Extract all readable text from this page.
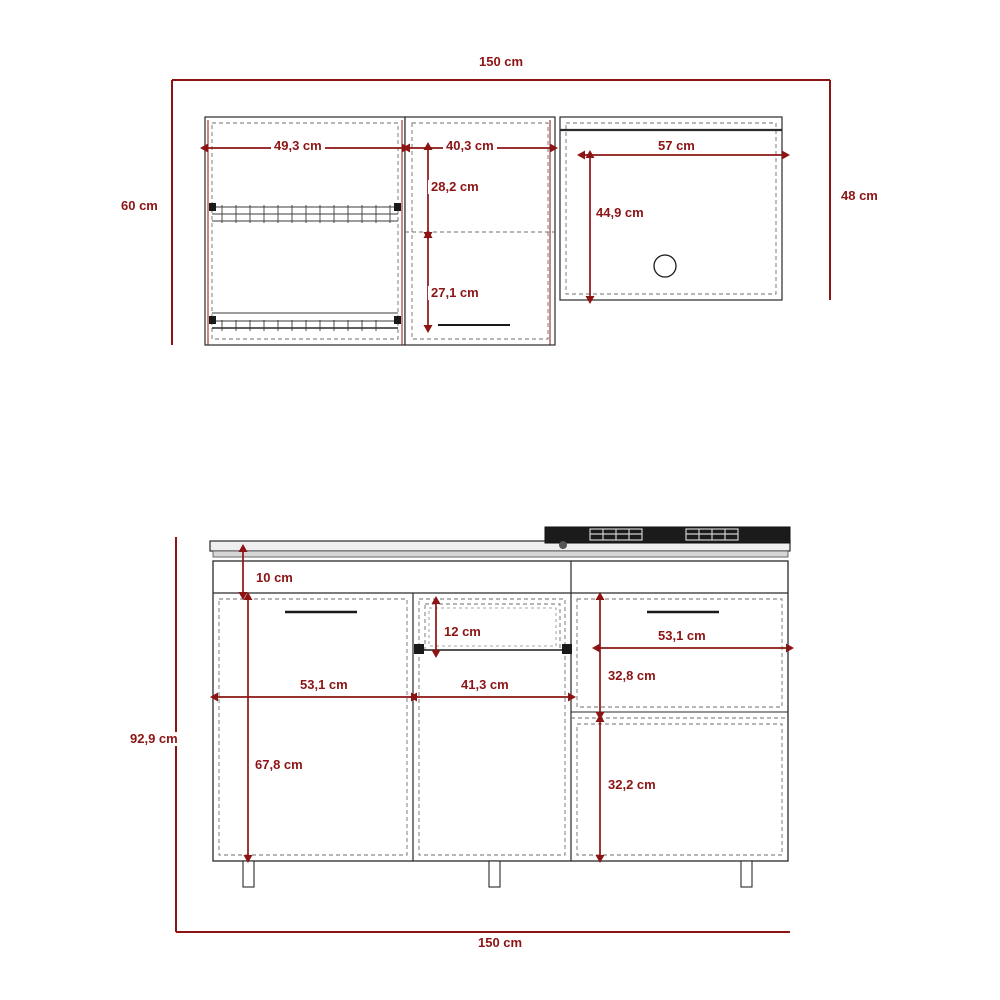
150 cm
49,3 cm	40,3 cm	57 cm
60 cm
48 cm
28,2 cm
27,1 cm
44,9 cm
92,9 cm
150 cm
10 cm
12 cm
53,1 cm	41,3 cm
53,1 cm
67,8 cm
32,8 cm
32,2 cm
